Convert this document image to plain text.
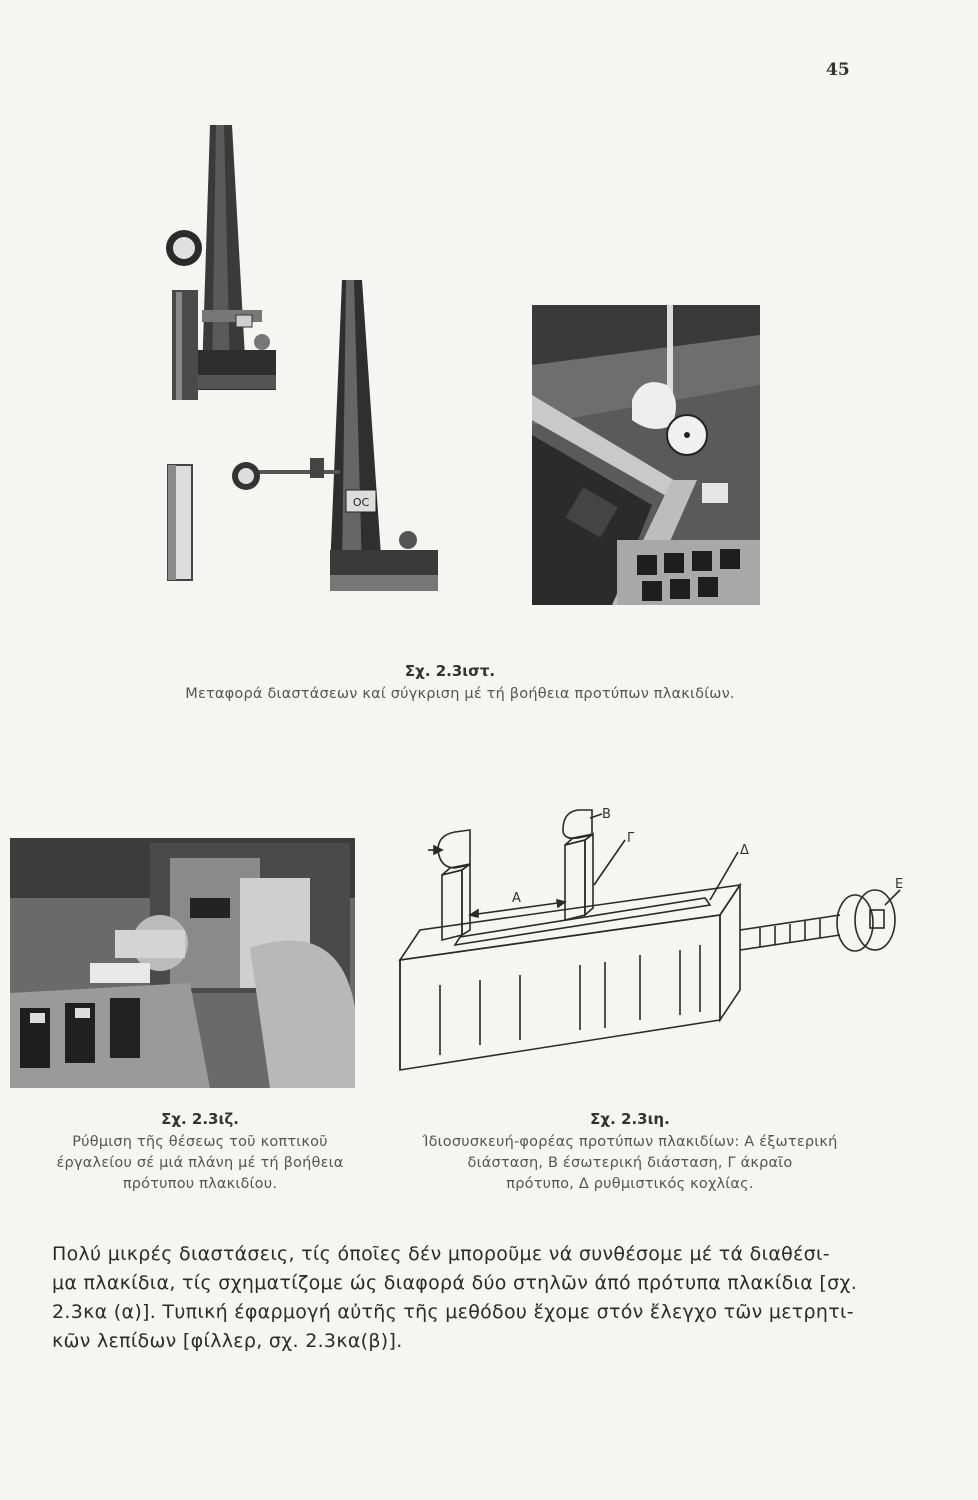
45
OC
Σχ. 2.3ιστ.
Μεταφορά διαστάσεων καί σύγκριση μέ τή βοήθεια προτύπων πλακιδίων.
Α
Β
Γ
Δ
Ε
Σχ. 2.3ιζ.
Ρύθμιση τῆς θέσεως τοῦ κοπτικοῦ
έργαλείου σέ μιά πλάνη μέ τή βοήθεια
πρότυπου πλακιδίου.
Σχ. 2.3ιη.
Ίδιοσυσκευή-φορέας προτύπων πλακιδίων: Α έξωτερική
διάσταση, Β έσωτερική διάσταση, Γ άκραῖο
πρότυπο, Δ ρυθμιστικός κοχλίας.
Πολύ μικρές διαστάσεις, τίς όποῖες δέν μποροῦμε νά συνθέσομε μέ τά διαθέσι-
μα πλακίδια, τίς σχηματίζομε ώς διαφορά δύο στηλῶν άπό πρότυπα πλακίδια [σχ.
2.3κα (α)]. Τυπική έφαρμογή αὐτῆς τῆς μεθόδου ἔχομε στόν ἔλεγχο τῶν μετρητι-
κῶν λεπίδων [φίλλερ, σχ. 2.3κα(β)].
